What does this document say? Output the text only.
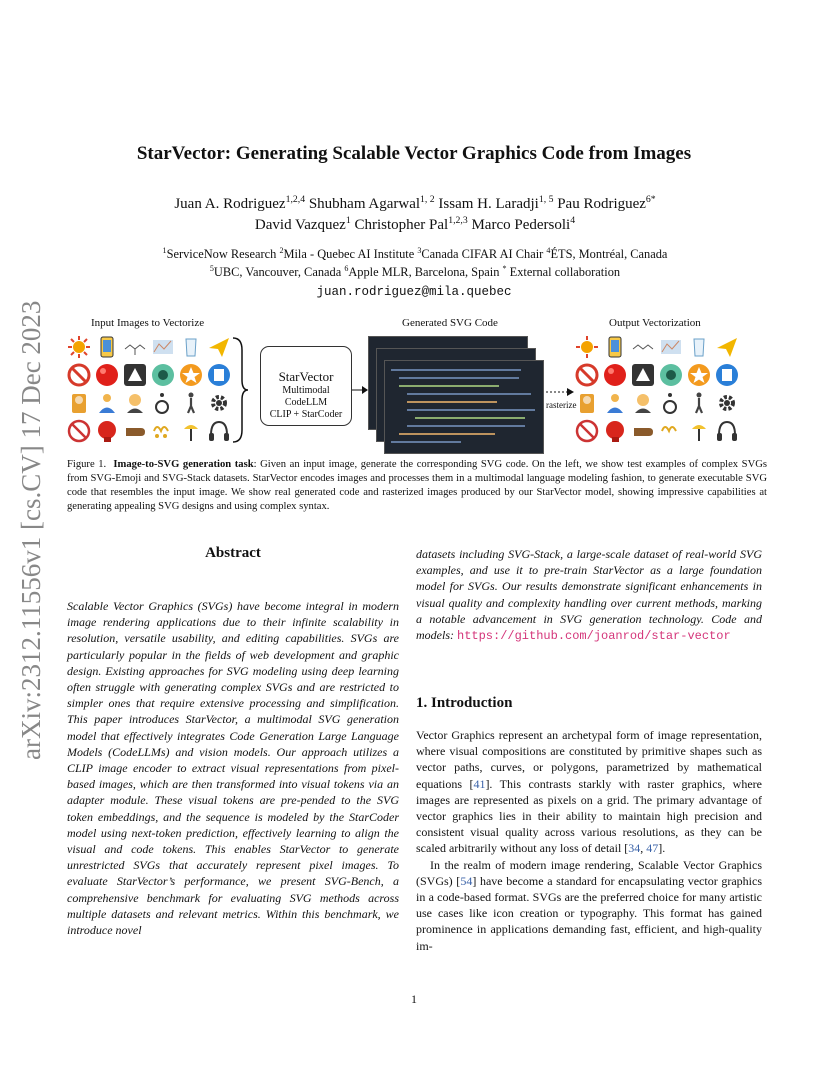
arXiv:2312.11556v1 [cs.CV] 17 Dec 2023
StarVector: Generating Scalable Vector Graphics Code from Images
Juan A. Rodriguez$^{1,2,4}$ Shubham Agarwal$^{1, 2}$ Issam H. Laradji$^{1, 5}$ Pau Rodriguez$^{6*}$
David Vazquez$^1$ Christopher Pal$^{1,2,3}$ Marco Pedersoli$^4$
$^1$ServiceNow Research $^2$Mila - Quebec AI Institute $^3$Canada CIFAR AI Chair $^4$ÉTS, Montréal, Canada
$^5$UBC, Vancouver, Canada $^6$Apple MLR, Barcelona, Spain * External collaboration
juan.rodriguez@mila.quebec
Input Images to Vectorize	Generated SVG Code	Output Vectorization
StarVector
Multimodal CodeLLM
CLIP + StarCoder
rasterize
Figure 1. Image-to-SVG generation task: Given an input image, generate the corresponding SVG code. On the left, we show test examples of complex SVGs from SVG-Emoji and SVG-Stack datasets. StarVector encodes images and processes them in a multimodal language modeling fashion, to generate executable SVG code that resembles the input image. We show real generated code and rasterized images produced by our StarVector model, showing impressive capabilities at generating appealing SVG designs and using complex syntax.
Abstract
Scalable Vector Graphics (SVGs) have become integral in modern image rendering applications due to their infinite scalability in resolution, versatile usability, and editing capabilities. SVGs are particularly popular in the fields of web development and graphic design. Existing approaches for SVG modeling using deep learning often struggle with generating complex SVGs and are restricted to simpler ones that require extensive processing and simplification. This paper introduces StarVector, a multimodal SVG generation model that effectively integrates Code Generation Large Language Models (CodeLLMs) and vision models. Our approach utilizes a CLIP image encoder to extract visual representations from pixel-based images, which are then transformed into visual tokens via an adapter module. These visual tokens are pre-pended to the SVG token embeddings, and the sequence is modeled by the StarCoder model using next-token prediction, effectively learning to align the visual and code tokens. This enables StarVector to generate unrestricted SVGs that accurately represent pixel images. To evaluate StarVector’s performance, we present SVG-Bench, a comprehensive benchmark for evaluating SVG methods across multiple datasets and relevant metrics. Within this benchmark, we introduce novel
datasets including SVG-Stack, a large-scale dataset of real-world SVG examples, and use it to pre-train StarVector as a large foundation model for SVGs. Our results demonstrate significant enhancements in visual quality and complexity handling over current methods, marking a notable advancement in SVG generation technology. Code and models: https://github.com/joanrod/star-vector
1. Introduction

Vector Graphics represent an archetypal form of image representation, where visual compositions are constituted by primitive shapes such as vector paths, curves, or polygons, parametrized by mathematical equations [41]. This contrasts starkly with raster graphics, where images are represented as pixels on a grid. The primary advantage of vector graphics lies in their ability to maintain high precision and consistent visual quality across various resolutions, as they can be scaled arbitrarily without any loss of detail [34, 47].

In the realm of modern image rendering, Scalable Vector Graphics (SVGs) [54] have become a standard for encapsulating vector graphics in a code-based format. SVGs are the preferred choice for many artistic use cases like icon creation or typography. This format has gained prominence in applications demanding fast, efficient, and high-quality im-

1
